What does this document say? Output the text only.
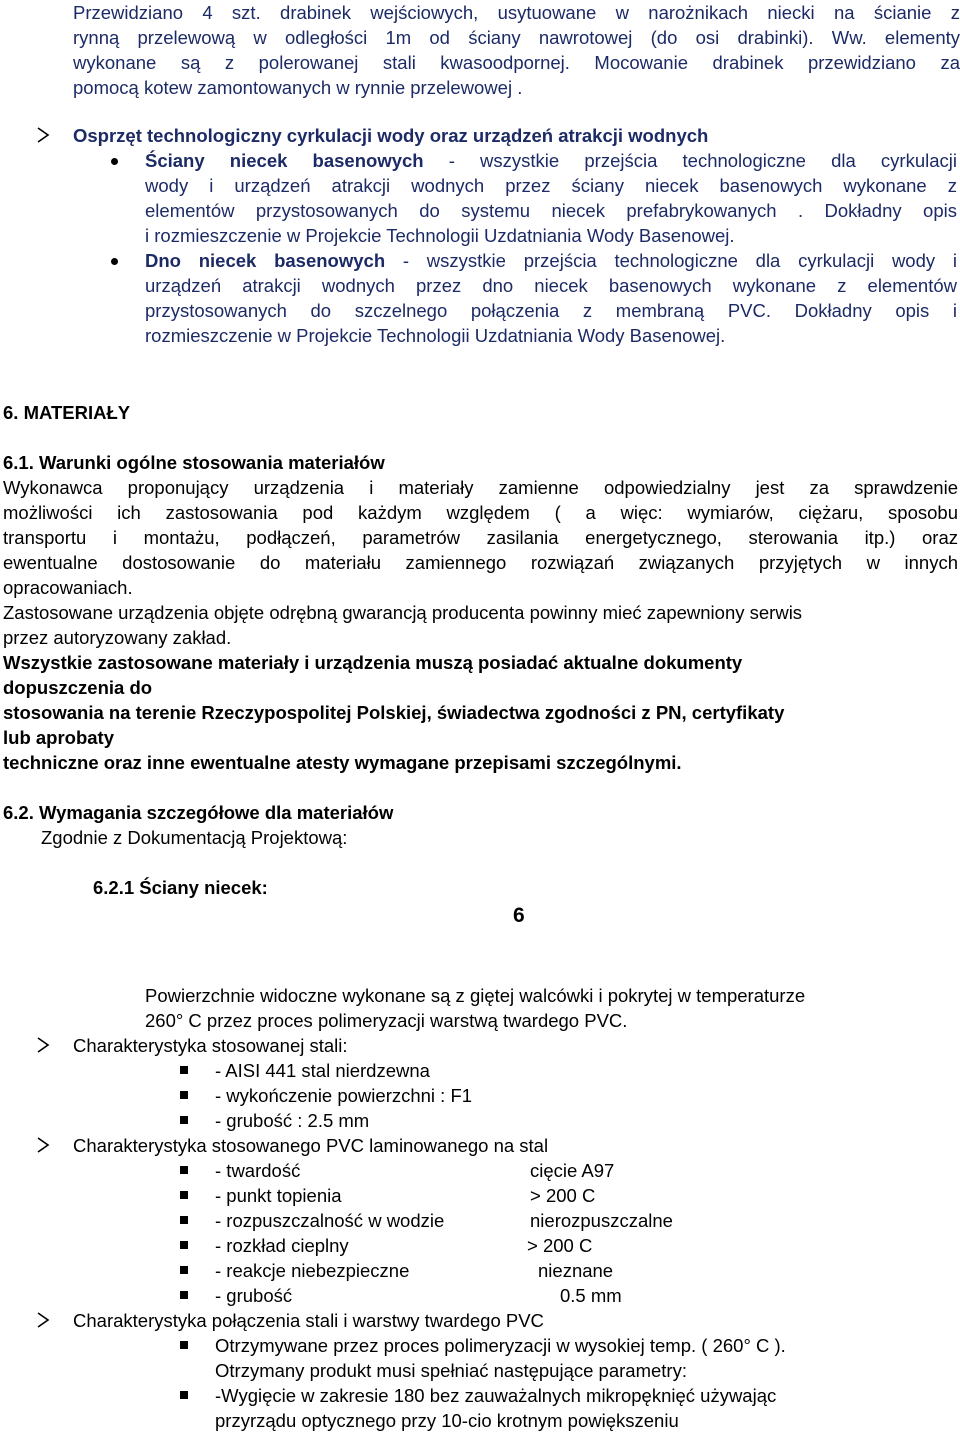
Przewidziano 4 szt. drabinek wejściowych, usytuowane w narożnikach niecki na ścianie z
rynną przelewową w odległości 1m od ściany nawrotowej (do osi drabinki). Ww. elementy
wykonane są z polerowanej stali kwasoodpornej. Mocowanie drabinek przewidziano za
pomocą kotew zamontowanych w rynnie przelewowej .
Osprzęt technologiczny cyrkulacji wody oraz urządzeń atrakcji wodnych
Ściany niecek basenowych - wszystkie przejścia technologiczne dla cyrkulacji
wody i urządzeń atrakcji wodnych przez ściany niecek basenowych wykonane z
elementów przystosowanych do systemu niecek prefabrykowanych . Dokładny opis
i rozmieszczenie w Projekcie Technologii Uzdatniania Wody Basenowej.
Dno niecek basenowych - wszystkie przejścia technologiczne dla cyrkulacji wody i
urządzeń atrakcji wodnych przez dno niecek basenowych wykonane z elementów
przystosowanych do szczelnego połączenia z membraną PVC. Dokładny opis i
rozmieszczenie w Projekcie Technologii Uzdatniania Wody Basenowej.
6. MATERIAŁY
6.1. Warunki ogólne stosowania materiałów
Wykonawca proponujący urządzenia i materiały zamienne odpowiedzialny jest za sprawdzenie
możliwości ich zastosowania pod każdym względem ( a więc: wymiarów, ciężaru, sposobu
transportu i montażu, podłączeń, parametrów zasilania energetycznego, sterowania itp.) oraz
ewentualne dostosowanie do materiału zamiennego rozwiązań związanych przyjętych w innych
opracowaniach.
Zastosowane urządzenia objęte odrębną gwarancją producenta powinny mieć zapewniony serwis
przez autoryzowany zakład.
Wszystkie zastosowane materiały i urządzenia muszą posiadać aktualne dokumenty
dopuszczenia do
stosowania na terenie Rzeczypospolitej Polskiej, świadectwa zgodności z PN, certyfikaty
lub aprobaty
techniczne oraz inne ewentualne atesty wymagane przepisami szczególnymi.
6.2. Wymagania szczegółowe dla materiałów
Zgodnie z Dokumentacją Projektową:
6.2.1 Ściany niecek:
6
Powierzchnie widoczne wykonane są z giętej walcówki i pokrytej w temperaturze
260° C przez proces polimeryzacji warstwą twardego PVC.
Charakterystyka stosowanej stali:
- AISI 441 stal nierdzewna
- wykończenie powierzchni : F1
- grubość : 2.5 mm
Charakterystyka stosowanego PVC laminowanego na stal
- twardość	cięcie A97
- punkt topienia	> 200 C
- rozpuszczalność w wodzie	nierozpuszczalne
- rozkład cieplny	> 200 C
- reakcje niebezpieczne	nieznane
- grubość	0.5 mm
Charakterystyka połączenia stali i warstwy twardego PVC
Otrzymywane przez proces polimeryzacji w wysokiej temp. ( 260° C ).
Otrzymany produkt musi spełniać następujące parametry:
-Wygięcie w zakresie 180 bez zauważalnych mikropęknięć używając
przyrządu optycznego przy 10-cio krotnym powiększeniu
